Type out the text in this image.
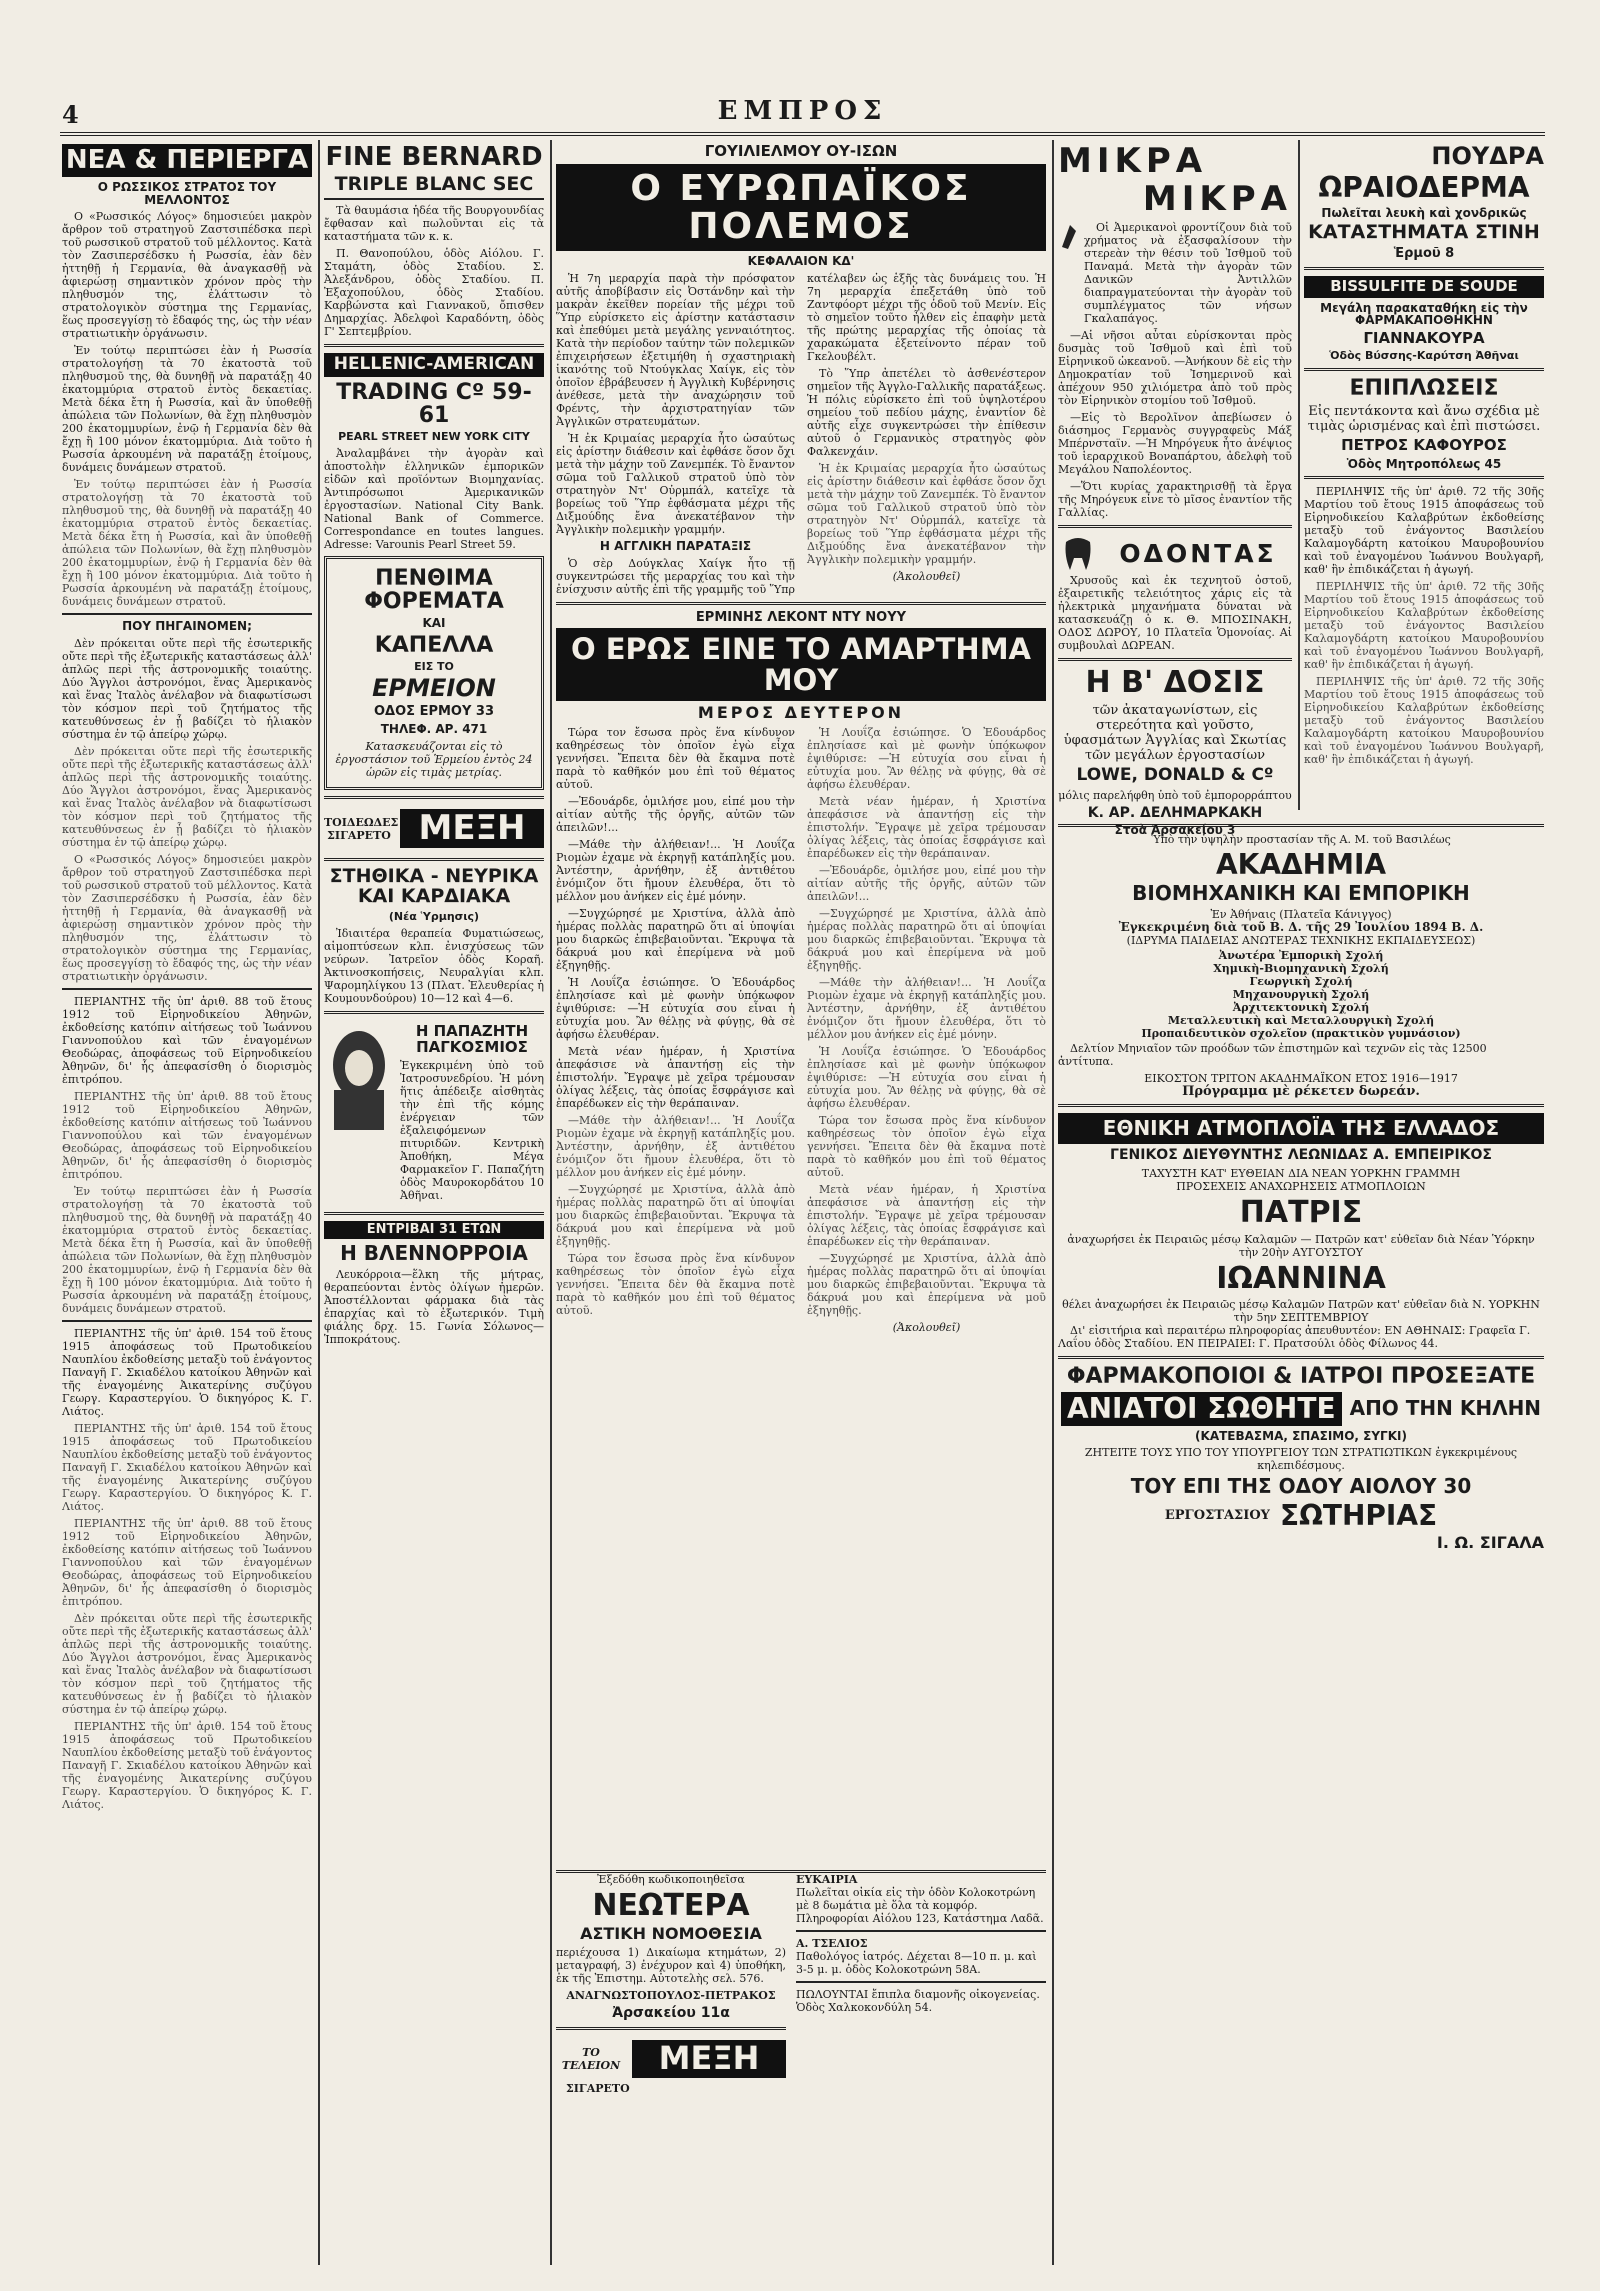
4	ΕΜΠΡΟΣ
ΝΕΑ & ΠΕΡΙΕΡΓΑ
Ο ΡΩΣΣΙΚΟΣ ΣΤΡΑΤΟΣ ΤΟΥ ΜΕΛΛΟΝΤΟΣ

Ο «Ρωσσικός Λόγος» δημοσιεύει μακρὸν ἄρθρον τοῦ στρατηγοῦ Ζαστσιπέδσκα περὶ τοῦ ρωσσικοῦ στρατοῦ τοῦ μέλλοντος. Κατὰ τὸν Ζασιπερσέδσκυ ἡ Ρωσσία, ἐὰν δὲν ἠττηθῇ ἡ Γερμανία, θὰ ἀναγκασθῇ νὰ ἀφιερώσῃ σημαντικὸν χρόνον πρὸς τὴν πληθυσμόν της, ἐλάττωσιν τὸ στρατολογικὸν σύστημα της Γερμανίας, ἕως προσεγγίσῃ τὸ ἔδαφός της, ὡς τὴν νέαν στρατιωτικὴν ὀργάνωσιν.

Ἐν τούτῳ περιπτώσει ἐὰν ἡ Ρωσσία στρατολογήσῃ τὰ 70 ἑκατοστὰ τοῦ πληθυσμοῦ της, θὰ δυνηθῇ νὰ παρατάξῃ 40 ἑκατομμύρια στρατοῦ ἐντὸς δεκαετίας. Μετὰ δέκα ἔτη ἡ Ρωσσία, καὶ ἂν ὑποθεθῇ ἀπώλεια τῶν Πολωνίων, θὰ ἔχῃ πληθυσμὸν 200 ἑκατομμυρίων, ἐνῷ ἡ Γερμανία δὲν θὰ ἔχῃ ἢ 100 μόνον ἑκατομμύρια. Διὰ τοῦτο ἡ Ρωσσία ἀρκουμένη νὰ παρατάξῃ ἑτοίμους, δυνάμεις δυνάμεων στρατοῦ.

Ἐν τούτῳ περιπτώσει ἐὰν ἡ Ρωσσία στρατολογήσῃ τὰ 70 ἑκατοστὰ τοῦ πληθυσμοῦ της, θὰ δυνηθῇ νὰ παρατάξῃ 40 ἑκατομμύρια στρατοῦ ἐντὸς δεκαετίας. Μετὰ δέκα ἔτη ἡ Ρωσσία, καὶ ἂν ὑποθεθῇ ἀπώλεια τῶν Πολωνίων, θὰ ἔχῃ πληθυσμὸν 200 ἑκατομμυρίων, ἐνῷ ἡ Γερμανία δὲν θὰ ἔχῃ ἢ 100 μόνον ἑκατομμύρια. Διὰ τοῦτο ἡ Ρωσσία ἀρκουμένη νὰ παρατάξῃ ἑτοίμους, δυνάμεις δυνάμεων στρατοῦ.

ΠΟΥ ΠΗΓΑΙΝΟΜΕΝ;

Δὲν πρόκειται οὔτε περὶ τῆς ἐσωτερικῆς οὔτε περὶ τῆς ἐξωτερικῆς καταστάσεως ἀλλ' ἁπλῶς περὶ τῆς ἀστρονομικῆς τοιαύτης. Δύο Ἄγγλοι ἀστρονόμοι, ἕνας Ἀμερικανὸς καὶ ἕνας Ἰταλὸς ἀνέλαβον νὰ διαφωτίσωσι τὸν κόσμον περὶ τοῦ ζητήματος τῆς κατευθύνσεως ἐν ᾗ βαδίζει τὸ ἡλιακὸν σύστημα ἐν τῷ ἀπείρῳ χώρῳ.

Δὲν πρόκειται οὔτε περὶ τῆς ἐσωτερικῆς οὔτε περὶ τῆς ἐξωτερικῆς καταστάσεως ἀλλ' ἁπλῶς περὶ τῆς ἀστρονομικῆς τοιαύτης. Δύο Ἄγγλοι ἀστρονόμοι, ἕνας Ἀμερικανὸς καὶ ἕνας Ἰταλὸς ἀνέλαβον νὰ διαφωτίσωσι τὸν κόσμον περὶ τοῦ ζητήματος τῆς κατευθύνσεως ἐν ᾗ βαδίζει τὸ ἡλιακὸν σύστημα ἐν τῷ ἀπείρῳ χώρῳ.

Ο «Ρωσσικός Λόγος» δημοσιεύει μακρὸν ἄρθρον τοῦ στρατηγοῦ Ζαστσιπέδσκα περὶ τοῦ ρωσσικοῦ στρατοῦ τοῦ μέλλοντος. Κατὰ τὸν Ζασιπερσέδσκυ ἡ Ρωσσία, ἐὰν δὲν ἠττηθῇ ἡ Γερμανία, θὰ ἀναγκασθῇ νὰ ἀφιερώσῃ σημαντικὸν χρόνον πρὸς τὴν πληθυσμόν της, ἐλάττωσιν τὸ στρατολογικὸν σύστημα της Γερμανίας, ἕως προσεγγίσῃ τὸ ἔδαφός της, ὡς τὴν νέαν στρατιωτικὴν ὀργάνωσιν.

ΠΕΡΙΑΝΤΗΣ τῆς ὑπ' ἀριθ. 88 τοῦ ἔτους 1912 τοῦ Εἰρηνοδικείου Ἀθηνῶν, ἐκδοθείσης κατόπιν αἰτήσεως τοῦ Ἰωάννου Γιαννοπούλου καὶ τῶν ἐναγομένων Θεοδώρας, ἀποφάσεως τοῦ Εἰρηνοδικείου Ἀθηνῶν, δι' ἧς ἀπεφασίσθη ὁ διορισμὸς ἐπιτρόπου.

ΠΕΡΙΑΝΤΗΣ τῆς ὑπ' ἀριθ. 88 τοῦ ἔτους 1912 τοῦ Εἰρηνοδικείου Ἀθηνῶν, ἐκδοθείσης κατόπιν αἰτήσεως τοῦ Ἰωάννου Γιαννοπούλου καὶ τῶν ἐναγομένων Θεοδώρας, ἀποφάσεως τοῦ Εἰρηνοδικείου Ἀθηνῶν, δι' ἧς ἀπεφασίσθη ὁ διορισμὸς ἐπιτρόπου.

Ἐν τούτῳ περιπτώσει ἐὰν ἡ Ρωσσία στρατολογήσῃ τὰ 70 ἑκατοστὰ τοῦ πληθυσμοῦ της, θὰ δυνηθῇ νὰ παρατάξῃ 40 ἑκατομμύρια στρατοῦ ἐντὸς δεκαετίας. Μετὰ δέκα ἔτη ἡ Ρωσσία, καὶ ἂν ὑποθεθῇ ἀπώλεια τῶν Πολωνίων, θὰ ἔχῃ πληθυσμὸν 200 ἑκατομμυρίων, ἐνῷ ἡ Γερμανία δὲν θὰ ἔχῃ ἢ 100 μόνον ἑκατομμύρια. Διὰ τοῦτο ἡ Ρωσσία ἀρκουμένη νὰ παρατάξῃ ἑτοίμους, δυνάμεις δυνάμεων στρατοῦ.

ΠΕΡΙΑΝΤΗΣ τῆς ὑπ' ἀριθ. 154 τοῦ ἔτους 1915 ἀποφάσεως τοῦ Πρωτοδικείου Ναυπλίου ἐκδοθείσης μεταξὺ τοῦ ἐνάγοντος Παναγῆ Γ. Σκιαδέλου κατοίκου Ἀθηνῶν καὶ τῆς ἐναγομένης Ἀικατερίνης συζύγου Γεωργ. Καραστεργίου. Ὁ δικηγόρος Κ. Γ. Λιάτος.

ΠΕΡΙΑΝΤΗΣ τῆς ὑπ' ἀριθ. 154 τοῦ ἔτους 1915 ἀποφάσεως τοῦ Πρωτοδικείου Ναυπλίου ἐκδοθείσης μεταξὺ τοῦ ἐνάγοντος Παναγῆ Γ. Σκιαδέλου κατοίκου Ἀθηνῶν καὶ τῆς ἐναγομένης Ἀικατερίνης συζύγου Γεωργ. Καραστεργίου. Ὁ δικηγόρος Κ. Γ. Λιάτος.

ΠΕΡΙΑΝΤΗΣ τῆς ὑπ' ἀριθ. 88 τοῦ ἔτους 1912 τοῦ Εἰρηνοδικείου Ἀθηνῶν, ἐκδοθείσης κατόπιν αἰτήσεως τοῦ Ἰωάννου Γιαννοπούλου καὶ τῶν ἐναγομένων Θεοδώρας, ἀποφάσεως τοῦ Εἰρηνοδικείου Ἀθηνῶν, δι' ἧς ἀπεφασίσθη ὁ διορισμὸς ἐπιτρόπου.

Δὲν πρόκειται οὔτε περὶ τῆς ἐσωτερικῆς οὔτε περὶ τῆς ἐξωτερικῆς καταστάσεως ἀλλ' ἁπλῶς περὶ τῆς ἀστρονομικῆς τοιαύτης. Δύο Ἄγγλοι ἀστρονόμοι, ἕνας Ἀμερικανὸς καὶ ἕνας Ἰταλὸς ἀνέλαβον νὰ διαφωτίσωσι τὸν κόσμον περὶ τοῦ ζητήματος τῆς κατευθύνσεως ἐν ᾗ βαδίζει τὸ ἡλιακὸν σύστημα ἐν τῷ ἀπείρῳ χώρῳ.

ΠΕΡΙΑΝΤΗΣ τῆς ὑπ' ἀριθ. 154 τοῦ ἔτους 1915 ἀποφάσεως τοῦ Πρωτοδικείου Ναυπλίου ἐκδοθείσης μεταξὺ τοῦ ἐνάγοντος Παναγῆ Γ. Σκιαδέλου κατοίκου Ἀθηνῶν καὶ τῆς ἐναγομένης Ἀικατερίνης συζύγου Γεωργ. Καραστεργίου. Ὁ δικηγόρος Κ. Γ. Λιάτος.

FINE BERNARD
TRIPLE BLANC SEC

Τὰ θαυμάσια ἡδέα τῆς Βουργουνδίας ἔφθασαν καὶ πωλοῦνται εἰς τὰ καταστήματα τῶν κ. κ.

Π. Θανοπούλου, ὁδὸς Αἰόλου. Γ. Σταμάτη, ὁδὸς Σταδίου. Σ. Ἀλεξάνδρου, ὁδὸς Σταδίου. Π. Ἐξαχοπούλου, ὁδὸς Σταδίου. Καρβώνστα καὶ Γιαννακοῦ, ὄπισθεν Δημαρχίας. Ἀδελφοὶ Καραδόντη, ὁδὸς Γ' Σεπτεμβρίου.

HELLENIC-AMERICAN
TRADING Cº 59-61
PEARL STREET NEW YORK CITY

Ἀναλαμβάνει τὴν ἀγορὰν καὶ ἀποστολὴν ἑλληνικῶν ἐμπορικῶν εἰδῶν καὶ προϊόντων Βιομηχανίας. Ἀντιπρόσωποι Ἀμερικανικῶν ἐργοστασίων. National City Bank. National Bank of Commerce. Correspondance en toutes langues. Adresse: Varounis Pearl Street 59.

ΠΕΝΘΙΜΑ ΦΟΡΕΜΑΤΑ
ΚΑΙ
ΚΑΠΕΛΛΑ
ΕΙΣ ΤΟ
ΕΡΜΕΙΟΝ
ΟΔΟΣ ΕΡΜΟΥ 33
ΤΗΛΕΦ. ΑΡ. 471

Κατασκευάζονται εἰς τὸ ἐργοστάσιον τοῦ Ἑρμείου ἐντὸς 24 ὡρῶν εἰς τιμὰς μετρίας.

ΤΟΙΔΕΩΔΕΣ ΣΙΓΑΡΕΤΟ ΜΕΞΗ
ΣΤΗΘΙΚΑ - ΝΕΥΡΙΚΑ ΚΑΙ ΚΑΡΔΙΑΚΑ
(Νέα Ὑρμησις)

Ἰδιαιτέρα θεραπεία Φυματιώσεως, αἱμοπτύσεων κλπ. ἐνισχύσεως τῶν νεύρων. Ἰατρεῖον ὁδὸς Κοραῆ. Ἀκτινοσκοπήσεις, Νευραλγίαι κλπ. Ψαρομηλίγκου 13 (Πλατ. Ἐλευθερίας ἡ Κουμουνδούρου) 10—12 καὶ 4—6.

Η ΠΑΠΑΖΗΤΗ ΠΑΓΚΟΣΜΙΟΣ

Ἐγκεκριμένη ὑπὸ τοῦ Ἰατροσυνεδρίου. Ἡ μόνη ἥτις ἀπέδειξε αἰσθητὰς τὴν ἐπὶ τῆς κόμης ἐνέργειαν τῶν ἐξαλειφόμενων πιτυριδῶν. Κεντρικὴ Ἀποθήκη, Μέγα Φαρμακεῖον Γ. Παπαζήτη ὁδὸς Μαυροκορδάτου 10 Ἀθῆναι.

ΕΝΤΡΙΒΑΙ 31 ΕΤΩΝ
Η ΒΛΕΝΝΟΡΡΟΙΑ

Λευκόρροια—ἕλκη τῆς μήτρας, θεραπεύονται ἐντὸς ὀλίγων ἡμερῶν. Ἀποστέλλονται φάρμακα διὰ τὰς ἐπαρχίας καὶ τὸ ἐξωτερικόν. Τιμὴ φιάλης δρχ. 15. Γωνία Σόλωνος—Ἱπποκράτους.

ΓΟΥΙΛΙΕΛΜΟΥ ΟΥ-ΙΣΩΝ
Ο ΕΥΡΩΠΑΪΚΟΣ ΠΟΛΕΜΟΣ
ΚΕΦΑΛΑΙΟΝ ΚΔ'

Ἡ 7η μεραρχία παρὰ τὴν πρόσφατον αὐτῆς ἀποβίβασιν εἰς Ὀστάνδην καὶ τὴν μακρὰν ἐκεῖθεν πορείαν τῆς μέχρι τοῦ Ὕπρ εὑρίσκετο εἰς ἀρίστην κατάστασιν καὶ ἐπεθύμει μετὰ μεγάλης γενναιότητος. Κατὰ τὴν περίοδον ταύτην τῶν πολεμικῶν ἐπιχειρήσεων ἐξετιμήθη ἡ σχαστηριακὴ ἱκανότης τοῦ Ντούγκλας Χαίγκ, εἰς τὸν ὁποῖον ἐβράβευσεν ἡ Ἀγγλικὴ Κυβέρνησις ἀνέθεσε, μετὰ τὴν ἀναχώρησιν τοῦ Φρέντς, τὴν ἀρχιστρατηγίαν τῶν Ἀγγλικῶν στρατευμάτων.

Ἡ ἐκ Κριμαίας μεραρχία ἦτο ὡσαύτως εἰς ἀρίστην διάθεσιν καὶ ἐφθάσε ὅσον ὄχι μετὰ τὴν μάχην τοῦ Ζανεμπέκ. Τὸ ἔναντον σῶμα τοῦ Γαλλικοῦ στρατοῦ ὑπὸ τὸν στρατηγὸν Ντ' Οὐρμπάλ, κατεῖχε τὰ βορείως τοῦ Ὕπρ ἐφθάσματα μέχρι τῆς Διξμούδης ἔνα ἀνεκατέβανον τὴν Ἀγγλικὴν πολεμικὴν γραμμήν.

Η ΑΓΓΛΙΚΗ ΠΑΡΑΤΑΞΙΣ

Ὁ σὲρ Δούγκλας Χαίγκ ἦτο τῇ συγκεντρώσει τῆς μεραρχίας του καὶ τὴν ἐνίσχυσιν αὐτῆς ἐπὶ τῆς γραμμῆς τοῦ Ὕπρ κατέλαβεν ὡς ἑξῆς τὰς δυνάμεις του. Ἡ 7η μεραρχία ἐπεξετάθη ὑπὸ τοῦ Ζαντφόορτ μέχρι τῆς ὁδοῦ τοῦ Μενίν. Εἰς τὸ σημεῖον τοῦτο ἦλθεν εἰς ἐπαφὴν μετὰ τῆς πρώτης μεραρχίας τῆς ὁποίας τὰ χαρακώματα ἐξετείνοντο πέραν τοῦ Γκελουβέλτ.

Τὸ Ὕπρ ἀπετέλει τὸ ἀσθενέστερον σημεῖον τῆς Ἀγγλο-Γαλλικῆς παρατάξεως. Ἡ πόλις εὑρίσκετο ἐπὶ τοῦ ὑψηλοτέρου σημείου τοῦ πεδίου μάχης, ἐναντίον δὲ αὐτῆς εἶχε συγκεντρώσει τὴν ἐπίθεσιν αὐτοῦ ὁ Γερμανικὸς στρατηγὸς φὸν Φαλκενχάιν.

Ἡ ἐκ Κριμαίας μεραρχία ἦτο ὡσαύτως εἰς ἀρίστην διάθεσιν καὶ ἐφθάσε ὅσον ὄχι μετὰ τὴν μάχην τοῦ Ζανεμπέκ. Τὸ ἔναντον σῶμα τοῦ Γαλλικοῦ στρατοῦ ὑπὸ τὸν στρατηγὸν Ντ' Οὐρμπάλ, κατεῖχε τὰ βορείως τοῦ Ὕπρ ἐφθάσματα μέχρι τῆς Διξμούδης ἔνα ἀνεκατέβανον τὴν Ἀγγλικὴν πολεμικὴν γραμμήν.

(Ἀκολουθεῖ)
ΕΡΜΙΝΗΣ ΛΕΚΟΝΤ ΝΤΥ ΝΟΥΥ
Ο ΕΡΩΣ ΕΙΝΕ ΤΟ ΑΜΑΡΤΗΜΑ ΜΟΥ
ΜΕΡΟΣ ΔΕΥΤΕΡΟΝ

Τώρα τον ἔσωσα πρὸς ἕνα κίνδυνον καθηρέσεως τὸν ὁποῖον ἐγὼ εἶχα γεννήσει. Ἔπειτα δὲν θὰ ἔκαμνα ποτὲ παρὰ τὸ καθῆκόν μου ἐπὶ τοῦ θέματος αὐτοῦ.

—Ἐδουάρδε, ὁμιλήσε μου, εἰπέ μου τὴν αἰτίαν αὐτῆς τῆς ὀργῆς, αὐτῶν τῶν ἀπειλῶν!...

—Μάθε τὴν ἀλήθειαν!... Ἡ Λουΐζα Ριομὼν ἐχαμε νὰ ἐκρηγῇ κατάπληξίς μου. Ἀντέστην, ἀρνήθην, ἐξ ἀντιθέτου ἐνόμιζον ὅτι ἤμουν ἐλευθέρα, ὅτι τὸ μέλλον μου ἀνήκεν εἰς ἐμέ μόνην.

—Συγχώρησέ με Χριστίνα, ἀλλὰ ἀπὸ ἡμέρας πολλὰς παρατηρῶ ὅτι αἱ ὑποψίαι μου διαρκῶς ἐπιβεβαιοῦνται. Ἔκρυψα τὰ δάκρυά μου καὶ ἐπερίμενα νὰ μοῦ ἐξηγηθῇς.

Ἡ Λουΐζα ἐσιώπησε. Ὁ Ἐδουάρδος ἐπλησίασε καὶ μὲ φωνὴν ὑπόκωφον ἐψιθύρισε: —Ἡ εὐτυχία σου εἶναι ἡ εὐτυχία μου. Ἂν θέλῃς νὰ φύγῃς, θὰ σὲ ἀφήσω ἐλευθέραν.

Μετὰ νέαν ἡμέραν, ἡ Χριστίνα ἀπεφάσισε νὰ ἀπαντήσῃ εἰς τὴν ἐπιστολήν. Ἔγραψε μὲ χεῖρα τρέμουσαν ὀλίγας λέξεις, τὰς ὁποίας ἔσφράγισε καὶ ἐπαρέδωκεν εἰς τὴν θεράπαιναν.

—Μάθε τὴν ἀλήθειαν!... Ἡ Λουΐζα Ριομὼν ἐχαμε νὰ ἐκρηγῇ κατάπληξίς μου. Ἀντέστην, ἀρνήθην, ἐξ ἀντιθέτου ἐνόμιζον ὅτι ἤμουν ἐλευθέρα, ὅτι τὸ μέλλον μου ἀνήκεν εἰς ἐμέ μόνην.

—Συγχώρησέ με Χριστίνα, ἀλλὰ ἀπὸ ἡμέρας πολλὰς παρατηρῶ ὅτι αἱ ὑποψίαι μου διαρκῶς ἐπιβεβαιοῦνται. Ἔκρυψα τὰ δάκρυά μου καὶ ἐπερίμενα νὰ μοῦ ἐξηγηθῇς.

Τώρα τον ἔσωσα πρὸς ἕνα κίνδυνον καθηρέσεως τὸν ὁποῖον ἐγὼ εἶχα γεννήσει. Ἔπειτα δὲν θὰ ἔκαμνα ποτὲ παρὰ τὸ καθῆκόν μου ἐπὶ τοῦ θέματος αὐτοῦ.

Ἡ Λουΐζα ἐσιώπησε. Ὁ Ἐδουάρδος ἐπλησίασε καὶ μὲ φωνὴν ὑπόκωφον ἐψιθύρισε: —Ἡ εὐτυχία σου εἶναι ἡ εὐτυχία μου. Ἂν θέλῃς νὰ φύγῃς, θὰ σὲ ἀφήσω ἐλευθέραν.

Μετὰ νέαν ἡμέραν, ἡ Χριστίνα ἀπεφάσισε νὰ ἀπαντήσῃ εἰς τὴν ἐπιστολήν. Ἔγραψε μὲ χεῖρα τρέμουσαν ὀλίγας λέξεις, τὰς ὁποίας ἔσφράγισε καὶ ἐπαρέδωκεν εἰς τὴν θεράπαιναν.

—Ἐδουάρδε, ὁμιλήσε μου, εἰπέ μου τὴν αἰτίαν αὐτῆς τῆς ὀργῆς, αὐτῶν τῶν ἀπειλῶν!...

—Συγχώρησέ με Χριστίνα, ἀλλὰ ἀπὸ ἡμέρας πολλὰς παρατηρῶ ὅτι αἱ ὑποψίαι μου διαρκῶς ἐπιβεβαιοῦνται. Ἔκρυψα τὰ δάκρυά μου καὶ ἐπερίμενα νὰ μοῦ ἐξηγηθῇς.

—Μάθε τὴν ἀλήθειαν!... Ἡ Λουΐζα Ριομὼν ἐχαμε νὰ ἐκρηγῇ κατάπληξίς μου. Ἀντέστην, ἀρνήθην, ἐξ ἀντιθέτου ἐνόμιζον ὅτι ἤμουν ἐλευθέρα, ὅτι τὸ μέλλον μου ἀνήκεν εἰς ἐμέ μόνην.

Ἡ Λουΐζα ἐσιώπησε. Ὁ Ἐδουάρδος ἐπλησίασε καὶ μὲ φωνὴν ὑπόκωφον ἐψιθύρισε: —Ἡ εὐτυχία σου εἶναι ἡ εὐτυχία μου. Ἂν θέλῃς νὰ φύγῃς, θὰ σὲ ἀφήσω ἐλευθέραν.

Τώρα τον ἔσωσα πρὸς ἕνα κίνδυνον καθηρέσεως τὸν ὁποῖον ἐγὼ εἶχα γεννήσει. Ἔπειτα δὲν θὰ ἔκαμνα ποτὲ παρὰ τὸ καθῆκόν μου ἐπὶ τοῦ θέματος αὐτοῦ.

Μετὰ νέαν ἡμέραν, ἡ Χριστίνα ἀπεφάσισε νὰ ἀπαντήσῃ εἰς τὴν ἐπιστολήν. Ἔγραψε μὲ χεῖρα τρέμουσαν ὀλίγας λέξεις, τὰς ὁποίας ἔσφράγισε καὶ ἐπαρέδωκεν εἰς τὴν θεράπαιναν.

—Συγχώρησέ με Χριστίνα, ἀλλὰ ἀπὸ ἡμέρας πολλὰς παρατηρῶ ὅτι αἱ ὑποψίαι μου διαρκῶς ἐπιβεβαιοῦνται. Ἔκρυψα τὰ δάκρυά μου καὶ ἐπερίμενα νὰ μοῦ ἐξηγηθῇς.

(Ἀκολουθεῖ)
ΜΙΚΡΑ
ΜΙΚΡΑ

Οἱ Ἀμερικανοὶ φροντίζουν διὰ τοῦ χρήματος νὰ ἐξασφαλίσουν τὴν στερεὰν τὴν θέσιν τοῦ Ἰσθμοῦ τοῦ Παναμά. Μετὰ τὴν ἀγορὰν τῶν Δανικῶν Ἀντιλλῶν διαπραγματεύονται τὴν ἀγορὰν τοῦ συμπλέγματος τῶν νήσων Γκαλαπάγος.

—Αἱ νῆσοι αὗται εὑρίσκονται πρὸς δυσμὰς τοῦ Ἰσθμοῦ καὶ ἐπὶ τοῦ Εἰρηνικοῦ ὠκεανοῦ. —Ἀνήκουν δὲ εἰς τὴν Δημοκρατίαν τοῦ Ἰσημερινοῦ καὶ ἀπέχουν 950 χιλιόμετρα ἀπὸ τοῦ πρὸς τὸν Εἰρηνικὸν στομίου τοῦ Ἰσθμοῦ.

—Εἰς τὸ Βερολῖνον ἀπεβίωσεν ὁ διάσημος Γερμανὸς συγγραφεὺς Μάξ Μπέρνσταϊν. —Ἡ Μηρόγευκ ἦτο ἀνέψιος τοῦ ἱεραρχικοῦ Βοναπάρτου, ἀδελφὴ τοῦ Μεγάλου Ναπολέοντος.

—Ὅτι κυρίας χαρακτηρισθῇ τὰ ἔργα τῆς Μηρόγευκ εἶνε τὸ μῖσος ἐναντίον τῆς Γαλλίας.

ΟΔΟΝΤΑΣ

Χρυσοῦς καὶ ἐκ τεχνητοῦ ὀστοῦ, ἐξαιρετικῆς τελειότητος χάρις εἰς τὰ ἠλεκτρικὰ μηχανήματα δύναται νὰ κατασκευάζῃ ὁ κ. Θ. ΜΠΟΣΙΝΑΚΗ, ΟΔΟΣ ΔΩΡΟΥ, 10 Πλατεῖα Ὁμονοίας. Αἱ συμβουλαὶ ΔΩΡΕΑΝ.

Η Β' ΔΟΣΙΣ

τῶν ἀκαταγωνίστων, εἰς στερεότητα καὶ γοῦστο, ὑφασμάτων Ἀγγλίας καὶ Σκωτίας τῶν μεγάλων ἐργοστασίων

LOWE, DONALD & Cº

μόλις παρελήφθη ὑπὸ τοῦ ἐμπορορράπτου

Κ. ΑΡ. ΔΕΛΗΜΑΡΚΑΚΗ
Στοὰ Ἀρσακείου 3
ΠΟΥΔΡΑ
ΩΡΑΙΟΔΕΡΜΑ
Πωλεῖται λευκὴ καὶ χονδρικῶς
ΚΑΤΑΣΤΗΜΑΤΑ ΣΤΙΝΗ
Ἑρμοῦ 8
BISSULFITE DE SOUDE
Μεγάλη παρακαταθήκη εἰς τὴν ΦΑΡΜΑΚΑΠΟΘΗΚΗΝ
ΓΙΑΝΝΑΚΟΥΡΑ
Ὁδὸς Βύσσης-Καρύτση Ἀθῆναι
ΕΠΙΠΛΩΣΕΙΣ

Εἰς πεντάκοντα καὶ ἄνω σχέδια μὲ τιμὰς ὡρισμένας καὶ ἐπὶ πιστώσει.

ΠΕΤΡΟΣ ΚΑΦΟΥΡΟΣ
Ὁδὸς Μητροπόλεως 45

ΠΕΡΙΛΗΨΙΣ τῆς ὑπ' ἀριθ. 72 τῆς 30ῆς Μαρτίου τοῦ ἔτους 1915 ἀποφάσεως τοῦ Εἰρηνοδικείου Καλαβρύτων ἐκδοθείσης μεταξὺ τοῦ ἐνάγοντος Βασιλείου Καλαμογδάρτη κατοίκου Μαυροβουνίου καὶ τοῦ ἐναγομένου Ἰωάννου Βουλγαρῆ, καθ' ἣν ἐπιδικάζεται ἡ ἀγωγή.

ΠΕΡΙΛΗΨΙΣ τῆς ὑπ' ἀριθ. 72 τῆς 30ῆς Μαρτίου τοῦ ἔτους 1915 ἀποφάσεως τοῦ Εἰρηνοδικείου Καλαβρύτων ἐκδοθείσης μεταξὺ τοῦ ἐνάγοντος Βασιλείου Καλαμογδάρτη κατοίκου Μαυροβουνίου καὶ τοῦ ἐναγομένου Ἰωάννου Βουλγαρῆ, καθ' ἣν ἐπιδικάζεται ἡ ἀγωγή.

ΠΕΡΙΛΗΨΙΣ τῆς ὑπ' ἀριθ. 72 τῆς 30ῆς Μαρτίου τοῦ ἔτους 1915 ἀποφάσεως τοῦ Εἰρηνοδικείου Καλαβρύτων ἐκδοθείσης μεταξὺ τοῦ ἐνάγοντος Βασιλείου Καλαμογδάρτη κατοίκου Μαυροβουνίου καὶ τοῦ ἐναγομένου Ἰωάννου Βουλγαρῆ, καθ' ἣν ἐπιδικάζεται ἡ ἀγωγή.

Ὑπὸ τὴν ὑψηλὴν προστασίαν τῆς Α. Μ. τοῦ Βασιλέως
ΑΚΑΔΗΜΙΑ
ΒΙΟΜΗΧΑΝΙΚΗ ΚΑΙ ΕΜΠΟΡΙΚΗ
Ἐν Ἀθήναις (Πλατεῖα Κάνιγγος)
Ἐγκεκριμένη διὰ τοῦ Β. Δ. τῆς 29 Ἰουλίου 1894 Β. Δ.
(ΙΔΡΥΜΑ ΠΑΙΔΕΙΑΣ ΑΝΩΤΕΡΑΣ ΤΕΧΝΙΚΗΣ ΕΚΠΑΙΔΕΥΣΕΩΣ)
Ἀνωτέρα Ἐμπορικὴ Σχολή
Χημικὴ-Βιομηχανικὴ Σχολή
Γεωργικὴ Σχολή
Μηχανουργικὴ Σχολή
Ἀρχιτεκτονικὴ Σχολή
Μεταλλευτικὴ καὶ Μεταλλουργικὴ Σχολή
Προπαιδευτικὸν σχολεῖον (πρακτικὸν γυμνάσιον)

Δελτίον Μηνιαῖον τῶν προόδων τῶν ἐπιστημῶν καὶ τεχνῶν εἰς τὰς 12500 ἀντίτυπα.

ΕΙΚΟΣΤΟΝ ΤΡΙΤΟΝ ΑΚΑΔΗΜΑΪΚΟΝ ΕΤΟΣ 1916—1917
Πρόγραμμα μὲ ρέκετεν δωρεάν.
ΕΘΝΙΚΗ ΑΤΜΟΠΛΟΪΑ ΤΗΣ ΕΛΛΑΔΟΣ
ΓΕΝΙΚΟΣ ΔΙΕΥΘΥΝΤΗΣ ΛΕΩΝΙΔΑΣ Α. ΕΜΠΕΙΡΙΚΟΣ
ΤΑΧΥΣΤΗ ΚΑΤ' ΕΥΘΕΙΑΝ ΔΙΑ ΝΕΑΝ ΥΟΡΚΗΝ ΓΡΑΜΜΗ
ΠΡΟΣΕΧΕΙΣ ΑΝΑΧΩΡΗΣΕΙΣ ΑΤΜΟΠΛΟΙΩΝ
ΠΑΤΡΙΣ
ἀναχωρήσει ἐκ Πειραιῶς μέσῳ Καλαμῶν — Πατρῶν κατ' εὐθεῖαν διὰ Νέαν Ὑόρκην τὴν 20ὴν ΑΥΓΟΥΣΤΟΥ
ΙΩΑΝΝΙΝΑ
θέλει ἀναχωρήσει ἐκ Πειραιῶς μέσῳ Καλαμῶν Πατρῶν κατ' εὐθεῖαν διὰ Ν. ΥΟΡΚΗΝ τὴν 5ην ΣΕΠΤΕΜΒΡΙΟΥ

Δι' εἰσιτήρια καὶ περαιτέρω πληροφορίας ἀπευθυντέον: ΕΝ ΑΘΗΝΑΙΣ: Γραφεῖα Γ. Λαΐου ὁδὸς Σταδίου. ΕΝ ΠΕΙΡΑΙΕΙ: Γ. Πρατσούλι ὁδὸς Φίλωνος 44.

ΦΑΡΜΑΚΟΠΟΙΟΙ & ΙΑΤΡΟΙ ΠΡΟΣΕΞΑΤΕ
ΑΝΙΑΤΟΙ ΣΩΘΗΤΕ ΑΠΟ ΤΗΝ ΚΗΛΗΝ
(ΚΑΤΕΒΑΣΜΑ, ΣΠΑΣΙΜΟ, ΣΥΓΚΙ)
ΖΗΤΕΙΤΕ ΤΟΥΣ ΥΠΟ ΤΟΥ ΥΠΟΥΡΓΕΙΟΥ ΤΩΝ ΣΤΡΑΤΙΩΤΙΚΩΝ ἐγκεκριμένους κηλεπιδέσμους.
ΤΟΥ ΕΠΙ ΤΗΣ ΟΔΟΥ ΑΙΟΛΟΥ 30
ΕΡΓΟΣΤΑΣΙΟΥ ΣΩΤΗΡΙΑΣ
Ι. Ω. ΣΙΓΑΛΑ
Ἐξεδόθη κωδικοποιηθεῖσα
ΝΕΩΤΕΡΑ
ΑΣΤΙΚΗ ΝΟΜΟΘΕΣΙΑ

περιέχουσα 1) Δικαίωμα κτημάτων, 2) μεταγραφή, 3) ἐνέχυρον καὶ 4) ὑποθήκη, ἐκ τῆς Ἐπιστημ. Αὐτοτελὴς σελ. 576.

ΑΝΑΓΝΩΣΤΟΠΟΥΛΟΣ-ΠΕΤΡΑΚΟΣ
Ἀρσακείου 11α
ΤΟ ΤΕΛΕΙΟΝ	ΜΕΞΗ
ΣΙΓΑΡΕΤΟ
ΕΥΚΑΙΡΙΑ

Πωλεῖται οἰκία εἰς τὴν ὁδὸν Κολοκοτρώνη μὲ 8 δωμάτια μὲ ὅλα τὰ κομφόρ. Πληροφορίαι Αἰόλου 123, Κατάστημα Λαδᾶ.

Α. ΤΣΕΛΙΟΣ

Παθολόγος ἰατρός. Δέχεται 8—10 π. μ. καὶ 3-5 μ. μ. ὁδὸς Κολοκοτρώνη 58Α.

ΠΩΛΟΥΝΤΑΙ ἔπιπλα διαμονῆς οἰκογενείας. Ὁδὸς Χαλκοκονδύλη 54.
